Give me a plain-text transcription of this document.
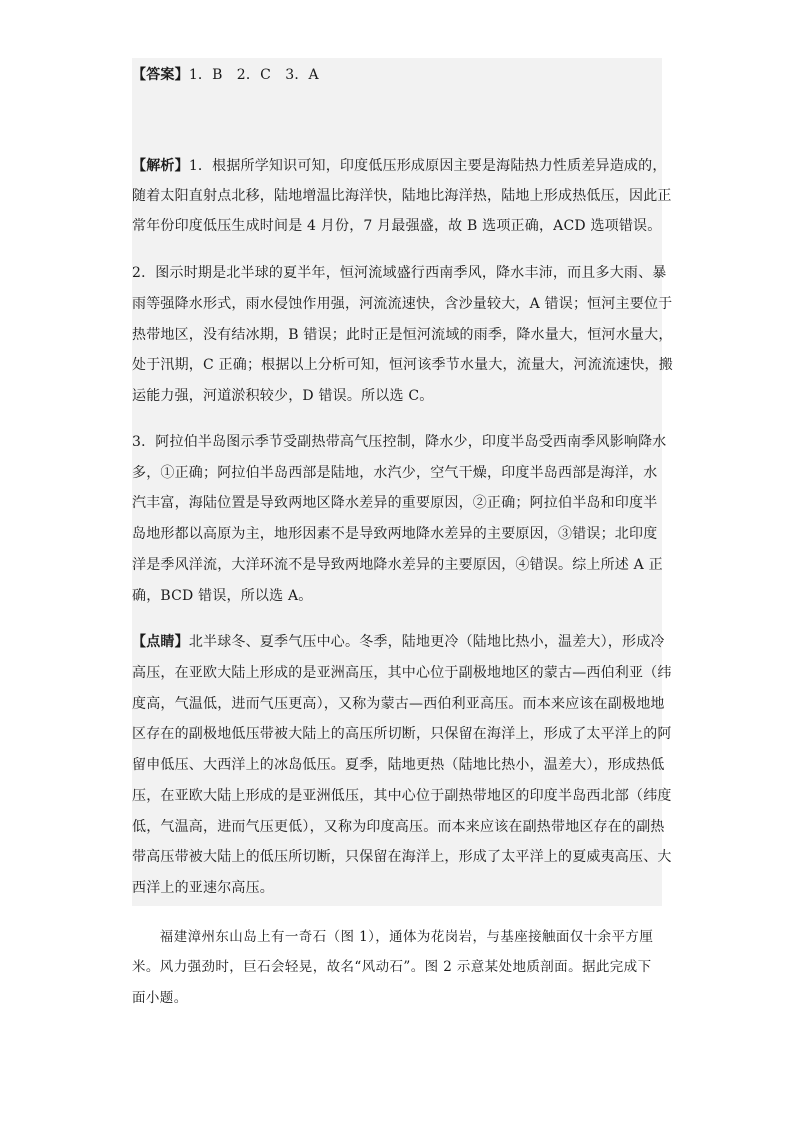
【答案】1．B　2．C　3．A
【解析】1．根据所学知识可知，印度低压形成原因主要是海陆热力性质差异造成的，
随着太阳直射点北移，陆地增温比海洋快，陆地比海洋热，陆地上形成热低压，因此正
常年份印度低压生成时间是 4 月份，7 月最强盛，故 B 选项正确，ACD 选项错误。
2．图示时期是北半球的夏半年，恒河流域盛行西南季风，降水丰沛，而且多大雨、暴
雨等强降水形式，雨水侵蚀作用强，河流流速快，含沙量较大，A 错误；恒河主要位于
热带地区，没有结冰期，B 错误；此时正是恒河流域的雨季，降水量大，恒河水量大，
处于汛期，C 正确；根据以上分析可知，恒河该季节水量大，流量大，河流流速快，搬
运能力强，河道淤积较少，D 错误。所以选 C。
3．阿拉伯半岛图示季节受副热带高气压控制，降水少，印度半岛受西南季风影响降水
多，①正确；阿拉伯半岛西部是陆地，水汽少，空气干燥，印度半岛西部是海洋，水
汽丰富，海陆位置是导致两地区降水差异的重要原因，②正确；阿拉伯半岛和印度半
岛地形都以高原为主，地形因素不是导致两地降水差异的主要原因，③错误；北印度
洋是季风洋流，大洋环流不是导致两地降水差异的主要原因，④错误。综上所述 A 正
确，BCD 错误，所以选 A。
【点睛】北半球冬、夏季气压中心。冬季，陆地更冷（陆地比热小，温差大），形成冷
高压，在亚欧大陆上形成的是亚洲高压，其中心位于副极地地区的蒙古—西伯利亚（纬
度高，气温低，进而气压更高），又称为蒙古—西伯利亚高压。而本来应该在副极地地
区存在的副极地低压带被大陆上的高压所切断，只保留在海洋上，形成了太平洋上的阿
留申低压、大西洋上的冰岛低压。夏季，陆地更热（陆地比热小，温差大），形成热低
压，在亚欧大陆上形成的是亚洲低压，其中心位于副热带地区的印度半岛西北部（纬度
低，气温高，进而气压更低），又称为印度高压。而本来应该在副热带地区存在的副热
带高压带被大陆上的低压所切断，只保留在海洋上，形成了太平洋上的夏威夷高压、大
西洋上的亚速尔高压。
　　福建漳州东山岛上有一奇石（图 1），通体为花岗岩，与基座接触面仅十余平方厘
米。风力强劲时，巨石会轻晃，故名“风动石”。图 2 示意某处地质剖面。据此完成下
面小题。
